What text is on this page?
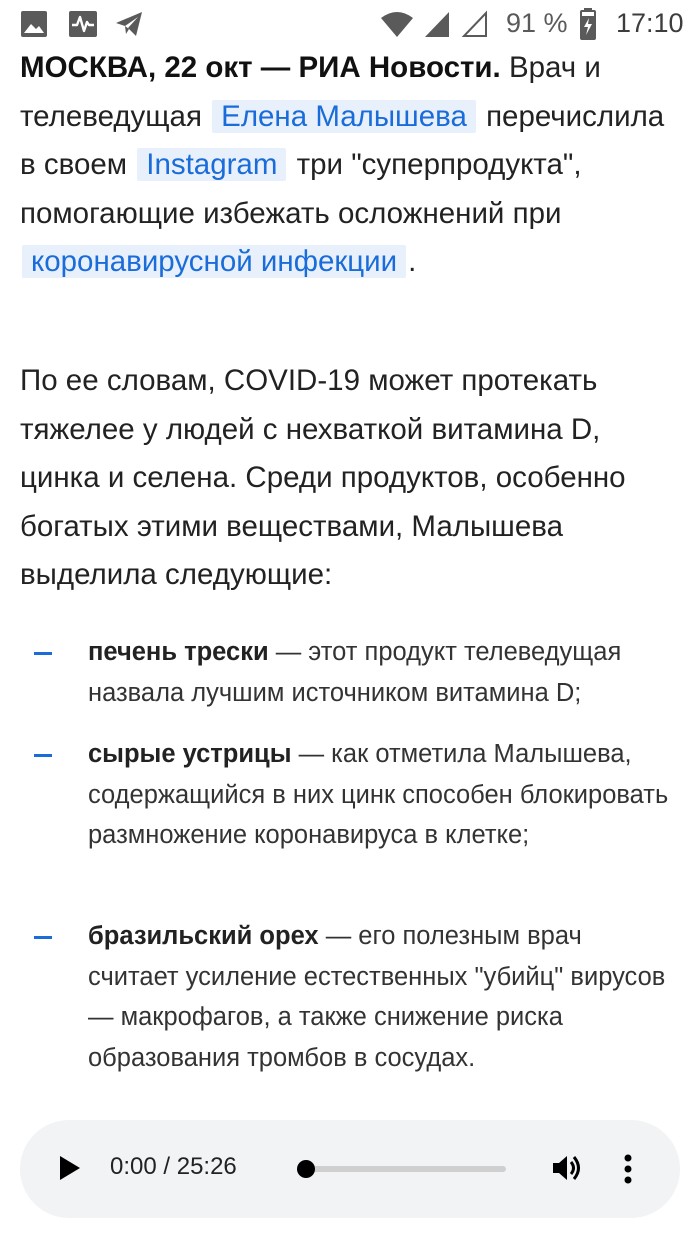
91 % 17:10

МОСКВА, 22 окт — РИА Новости. Врач и телеведущая Елена Малышева перечислила в своем Instagram три "суперпродукта", помогающие избежать осложнений при коронавирусной инфекции .

По ее словам, COVID-19 может протекать тяжелее у людей с нехваткой витамина D, цинка и селена. Среди продуктов, особенно богатых этими веществами, Малышева выделила следующие:

печень трески — этот продукт телеведущая назвала лучшим источником витамина D;
сырые устрицы — как отметила Малышева, содержащийся в них цинк способен блокировать размножение коронавируса в клетке;
бразильский орех — его полезным врач считает усиление естественных "убийц" вирусов — макрофагов, а также снижение риска образования тромбов в сосудах.
0:00 / 25:26
